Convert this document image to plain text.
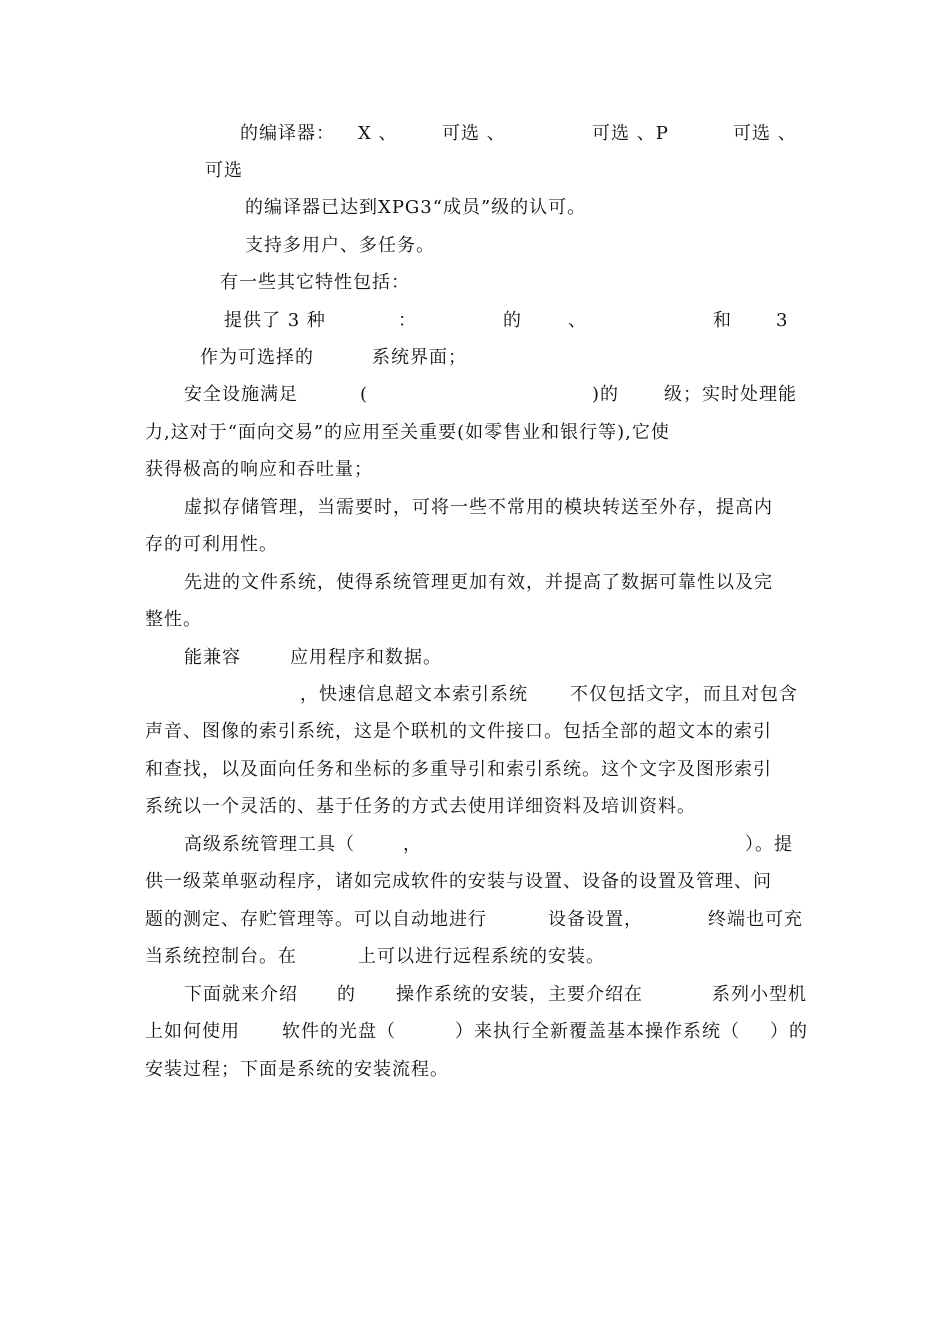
的编译器： X 、 可选 、	可选 、P	可选 、
可选
的编译器已达到XPG3“成员”级的认可。
支持多用户、多任务。
有一些其它特性包括：
提供了 3 种	：	的	、	和 3
作为可选择的	系统界面；
安全设施满足	(	)的 级；实时处理能
力,这对于“面向交易”的应用至关重要(如零售业和银行等),它使
获得极高的响应和吞吐量；
虚拟存储管理，当需要时，可将一些不常用的模块转送至外存，提高内
存的可利用性。
先进的文件系统，使得系统管理更加有效，并提高了数据可靠性以及完
整性。
能兼容	应用程序和数据。
，快速信息超文本索引系统 不仅包括文字，而且对包含
声音、图像的索引系统，这是个联机的文件接口。包括全部的超文本的索引
和查找，以及面向任务和坐标的多重导引和索引系统。这个文字及图形索引
系统以一个灵活的、基于任务的方式去使用详细资料及培训资料。
高级系统管理工具（	，	）。提
供一级菜单驱动程序，诸如完成软件的安装与设置、设备的设置及管理、问
题的测定、存贮管理等。可以自动地进行	设备设置，	终端也可充
当系统控制台。在	上可以进行远程系统的安装。
下面就来介绍 的 操作系统的安装，主要介绍在	系列小型机
上如何使用 软件的光盘（	）来执行全新覆盖基本操作系统（ ）的
安装过程；下面是系统的安装流程。
